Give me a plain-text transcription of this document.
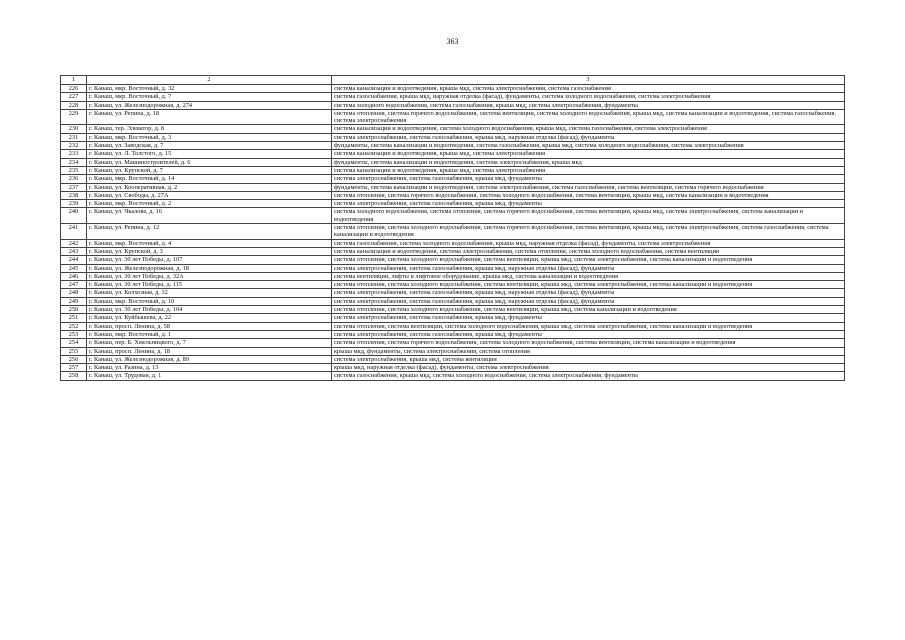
363
1	2	3
226	г. Канаш, мкр. Восточный, д. 32	система канализации и водоотведения, крыша мкд, система электроснабжения, система газоснабжения
227	г. Канаш, мкр. Восточный, д. 7	система газоснабжения, крыша мкд, наружная отделка (фасад), фундаменты, система холодного водоснабжения, система электроснабжения
228	г. Канаш, ул. Железнодорожная, д. 274	система холодного водоснабжения, система газоснабжения, крыша мкд, система электроснабжения, фундаменты
229	г. Канаш, ул. Репина, д. 18	система отопления, система горячего водоснабжения, система вентиляции, система холодного водоснабжения, крыша мкд, система канализации и водоотведения, система газоснабжения, система электроснабжения
230	г. Канаш, тер. Элеватор, д. 8	система канализации и водоотведения, система холодного водоснабжения, крыша мкд, система газоснабжения, система электроснабжения
231	г. Канаш, мкр. Восточный, д. 3	система электроснабжения, система газоснабжения, крыша мкд, наружная отделка (фасад), фундаменты
232	г. Канаш, ул. Заводская, д. 7	фундаменты, система канализации и водоотведения, система газоснабжения, крыша мкд, система холодного водоснабжения, система электроснабжения
233	г. Канаш, ул. Л. Толстого, д. 15	система канализации и водоотведения, крыша мкд, система электроснабжения
234	г. Канаш, ул. Машиностроителей, д. 6	фундаменты, система канализации и водоотведения, система электроснабжения, крыша мкд
235	г. Канаш, ул. Крупской, д. 7	система канализации и водоотведения, крыша мкд, система электроснабжения
236	г. Канаш, мкр. Восточный, д. 14	система электроснабжения, система газоснабжения, крыша мкд, фундаменты
237	г. Канаш, ул. Кооперативная, д. 2	фундаменты, система канализации и водоотведения, система электроснабжения, система газоснабжения, система вентиляции, система горячего водоснабжения
238	г. Канаш, ул. Свободы, д. 27А	система отопления, система горячего водоснабжения, система холодного водоснабжения, система вентиляции, крыша мкд, система канализации и водоотведения
239	г. Канаш, мкр. Восточный, д. 2	система электроснабжения, система газоснабжения, крыша мкд, фундаменты
240	г. Канаш, ул. Чкалова, д. 16	система холодного водоснабжения, система отопления, система горячего водоснабжения, система вентиляции, крыша мкд, система электроснабжения, система канализации и водоотведения
241	г. Канаш, ул. Репина, д. 12	система отопления, система холодного водоснабжения, система горячего водоснабжения, система вентиляции, крыша мкд, система электроснабжения, система газоснабжения, система канализации и водоотведения
242	г. Канаш, мкр. Восточный, д. 4	система газоснабжения, система холодного водоснабжения, крыша мкд, наружная отделка (фасад), фундаменты, система электроснабжения
243	г. Канаш, ул. Крупской, д. 3	система канализации и водоотведения, система электроснабжения, система отопления, система холодного водоснабжения, система вентиляции
244	г. Канаш, ул. 30 лет Победы, д. 107	система отопления, система холодного водоснабжения, система вентиляции, крыша мкд, система электроснабжения, система канализации и водоотведения
245	г. Канаш, ул. Железнодорожная, д. 18	система электроснабжения, система газоснабжения, крыша мкд, наружная отделка (фасад), фундаменты
246	г. Канаш, ул. 30 лет Победы, д. 32А	система вентиляции, лифты и лифтовое оборудование, крыша мкд, система канализации и водоотведения
247	г. Канаш, ул. 30 лет Победы, д. 115	система отопления, система холодного водоснабжения, система вентиляции, крыша мкд, система электроснабжения, система канализации и водоотведения
248	г. Канаш, ул. Колхозная, д. 32	система электроснабжения, система газоснабжения, крыша мкд, наружная отделка (фасад), фундаменты
249	г. Канаш, мкр. Восточный, д. 10	система электроснабжения, система газоснабжения, крыша мкд, наружная отделка (фасад), фундаменты
250	г. Канаш, ул. 30 лет Победы, д. 104	система отопления, система холодного водоснабжения, система вентиляции, крыша мкд, система канализации и водоотведения
251	г. Канаш, ул. Куйбышева, д. 22	система электроснабжения, система газоснабжения, крыша мкд, фундаменты
252	г. Канаш, просп. Ленина, д. 58	система отопления, система вентиляции, система холодного водоснабжения, крыша мкд, система электроснабжения, система канализации и водоотведения
253	г. Канаш, мкр. Восточный, д. 1	система электроснабжения, система газоснабжения, крыша мкд, фундаменты
254	г. Канаш, пер. Б. Хмельницкого, д. 7	система отопления, система горячего водоснабжения, система холодного водоснабжения, система вентиляции, система канализации и водоотведения
255	г. Канаш, просп. Ленина, д. 18	крыша мкд, фундаменты, система электроснабжения, система отопления
256	г. Канаш, ул. Железнодорожная, д. 89	система электроснабжения, крыша мкд, система вентиляции
257	г. Канаш, ул. Разина, д. 13	крыша мкд, наружная отделка (фасад), фундаменты, система электроснабжения
258	г. Канаш, ул. Трудовая, д. 1	система газоснабжения, крыша мкд, система холодного водоснабжения, система электроснабжения, фундаменты
